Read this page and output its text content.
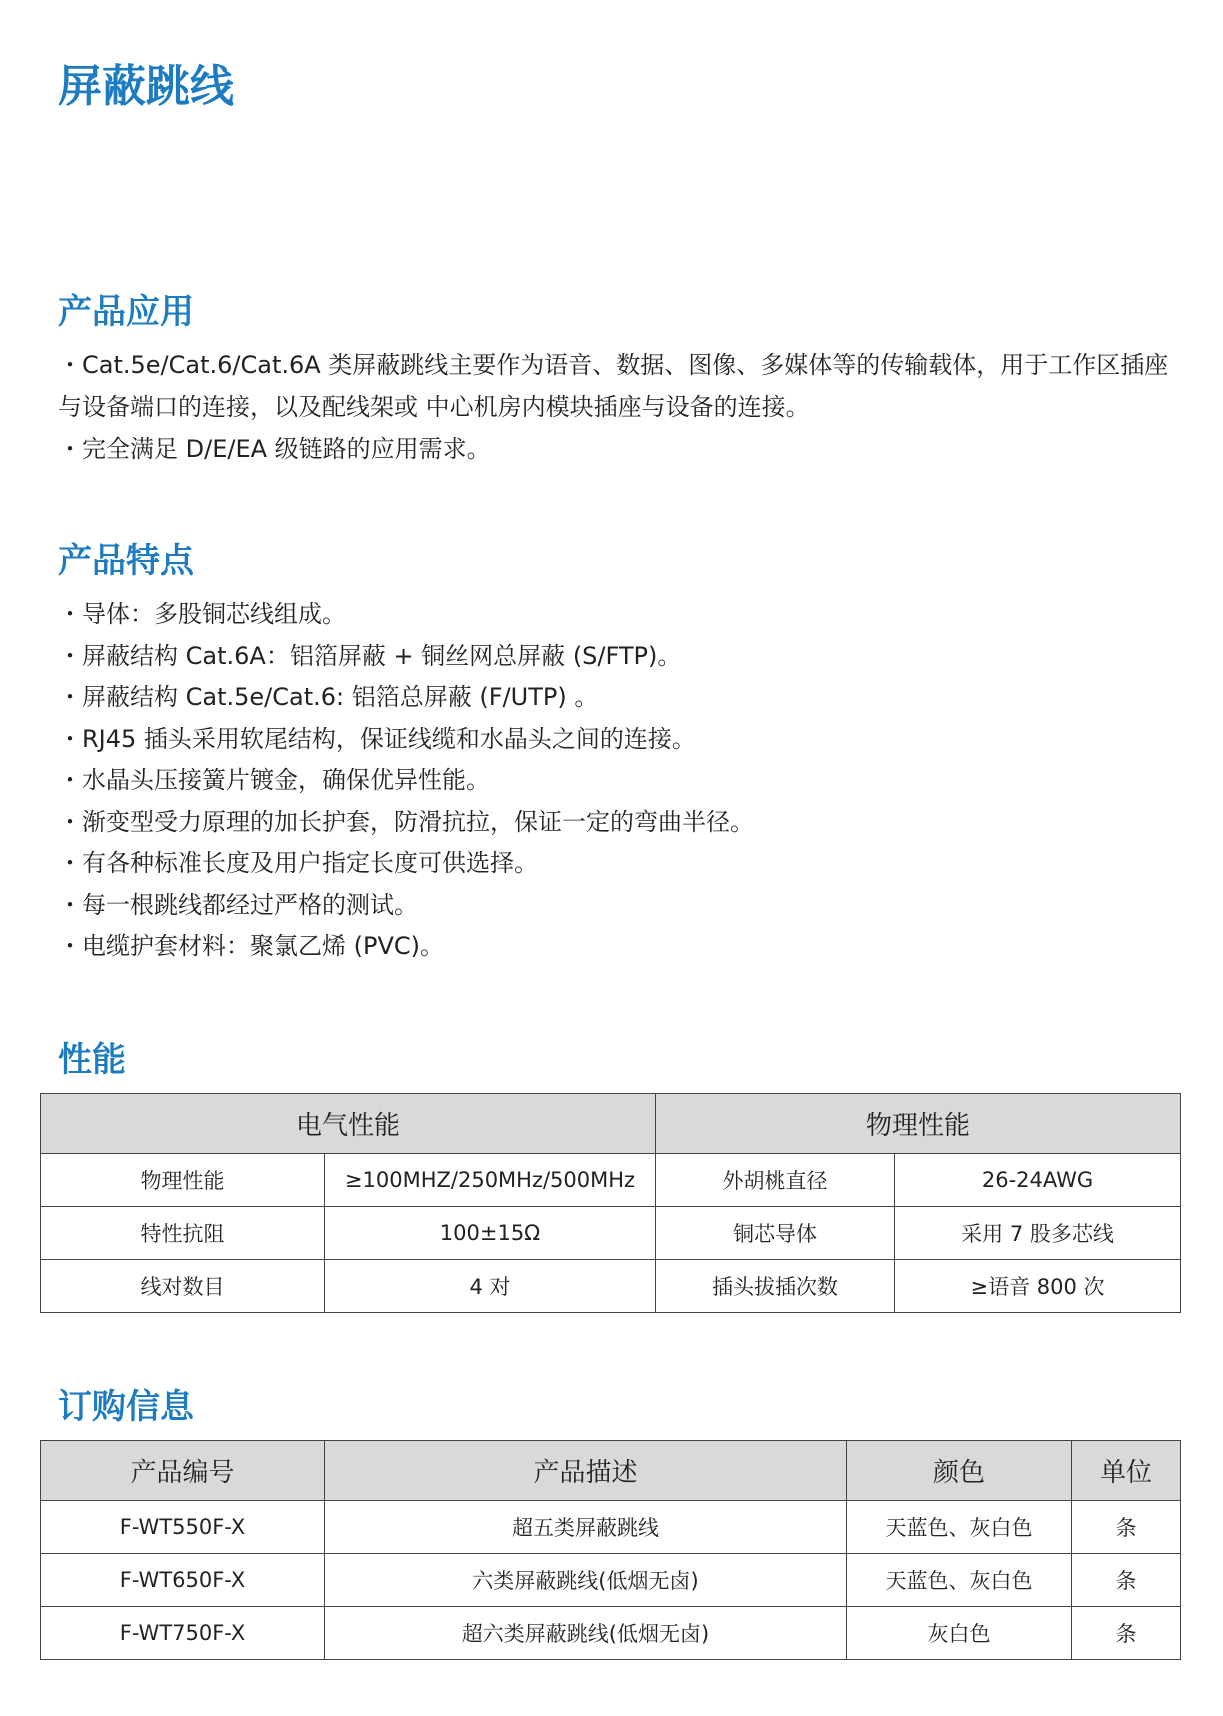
屏蔽跳线
产品应用

・Cat.5e/Cat.6/Cat.6A 类屏蔽跳线主要作为语音、数据、图像、多媒体等的传输载体，用于工作区插座与设备端口的连接，以及配线架或 中心机房内模块插座与设备的连接。

・完全满足 D/E/EA 级链路的应用需求。

产品特点
・导体：多股铜芯线组成。
・屏蔽结构 Cat.6A：铝箔屏蔽 + 铜丝网总屏蔽 (S/FTP)。
・屏蔽结构 Cat.5e/Cat.6: 铝箔总屏蔽 (F/UTP) 。
・RJ45 插头采用软尾结构，保证线缆和水晶头之间的连接。
・水晶头压接簧片镀金，确保优异性能。
・渐变型受力原理的加长护套，防滑抗拉，保证一定的弯曲半径。
・有各种标准长度及用户指定长度可供选择。
・每一根跳线都经过严格的测试。
・电缆护套材料：聚氯乙烯 (PVC)。
性能
电气性能		物理性能	
物理性能	≥100MHZ/250MHz/500MHz	外胡桃直径	26-24AWG
特性抗阻	100±15Ω	铜芯导体	采用 7 股多芯线
线对数目	4 对	插头拔插次数	≥语音 800 次
订购信息
产品编号	产品描述	颜色	单位
F-WT550F-X	超五类屏蔽跳线	天蓝色、灰白色	条
F-WT650F-X	六类屏蔽跳线(低烟无卤)	天蓝色、灰白色	条
F-WT750F-X	超六类屏蔽跳线(低烟无卤)	灰白色	条
